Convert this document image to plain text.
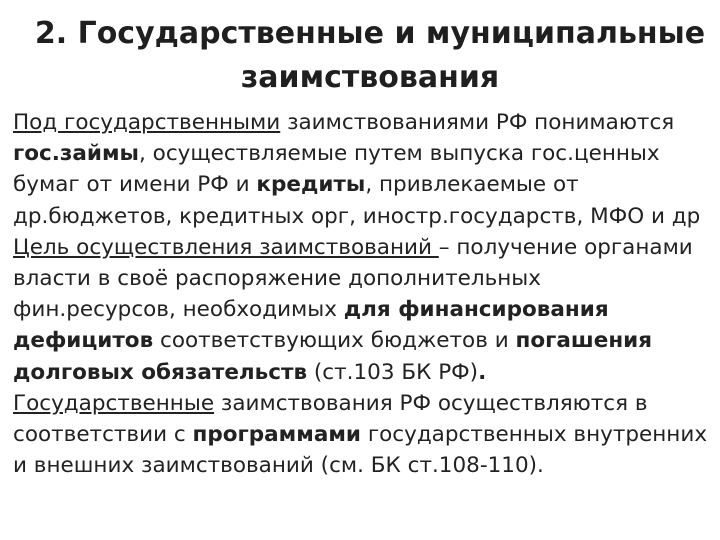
2. Государственные и муниципальные
заимствования
Под государственными заимствованиями РФ понимаются
гос.займы, осуществляемые путем выпуска гос.ценных
бумаг от имени РФ и кредиты, привлекаемые от
др.бюджетов, кредитных орг, иностр.государств, МФО и др
Цель осуществления заимствований – получение органами
власти в своё распоряжение дополнительных
фин.ресурсов, необходимых для финансирования
дефицитов соответствующих бюджетов и погашения
долговых обязательств (ст.103 БК РФ).
Государственные заимствования РФ осуществляются в
соответствии с программами государственных внутренних
и внешних заимствований (см. БК ст.108-110).
